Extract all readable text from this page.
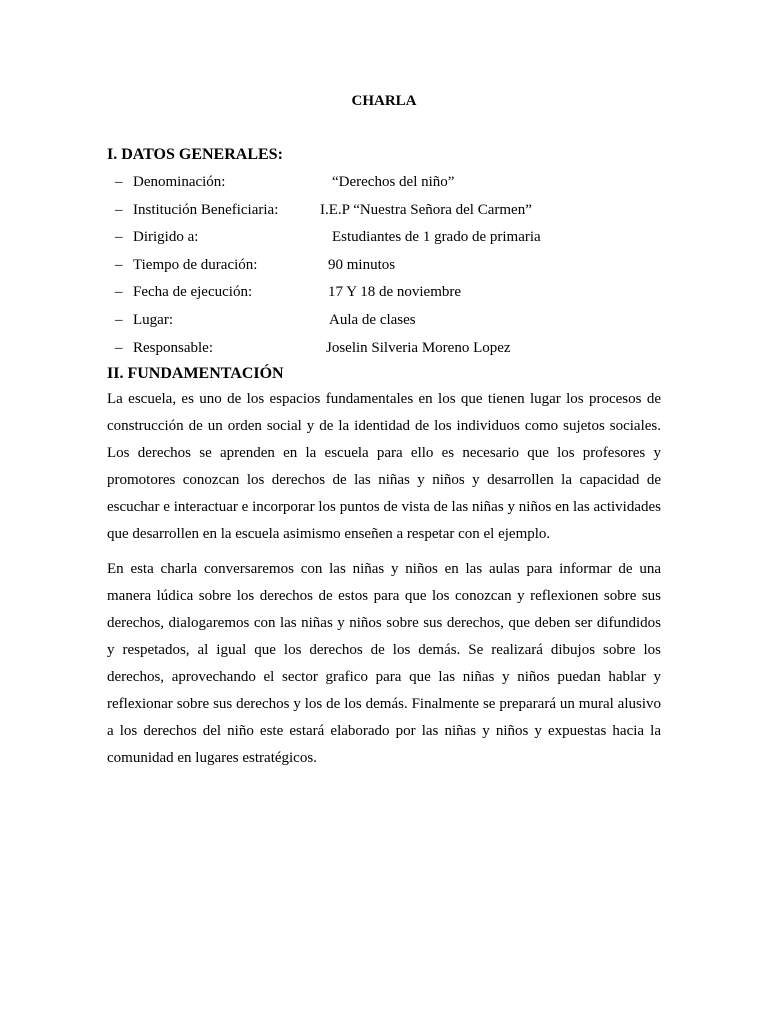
CHARLA
I. DATOS GENERALES:
– Denominación:	“Derechos del niño”
– Institución Beneficiaria:	I.E.P “Nuestra Señora del Carmen”
– Dirigido a:	Estudiantes de 1 grado de primaria
– Tiempo de duración:	90 minutos
– Fecha de ejecución:	17 Y 18 de noviembre
– Lugar:	Aula de clases
– Responsable:	Joselin Silveria Moreno Lopez
II. FUNDAMENTACIÓN

La escuela, es uno de los espacios fundamentales en los que tienen lugar los procesos de construcción de un orden social y de la identidad de los individuos como sujetos sociales. Los derechos se aprenden en la escuela para ello es necesario que los profesores y promotores conozcan los derechos de las niñas y niños y desarrollen la capacidad de escuchar e interactuar e incorporar los puntos de vista de las niñas y niños en las actividades que desarrollen en la escuela asimismo enseñen a respetar con el ejemplo.

En esta charla conversaremos con las niñas y niños en las aulas para informar de una manera lúdica sobre los derechos de estos para que los conozcan y reflexionen sobre sus derechos, dialogaremos con las niñas y niños sobre sus derechos, que deben ser difundidos y respetados, al igual que los derechos de los demás. Se realizará dibujos sobre los derechos, aprovechando el sector grafico para que las niñas y niños puedan hablar y reflexionar sobre sus derechos y los de los demás. Finalmente se preparará un mural alusivo a los derechos del niño este estará elaborado por las niñas y niños y expuestas hacia la comunidad en lugares estratégicos.
